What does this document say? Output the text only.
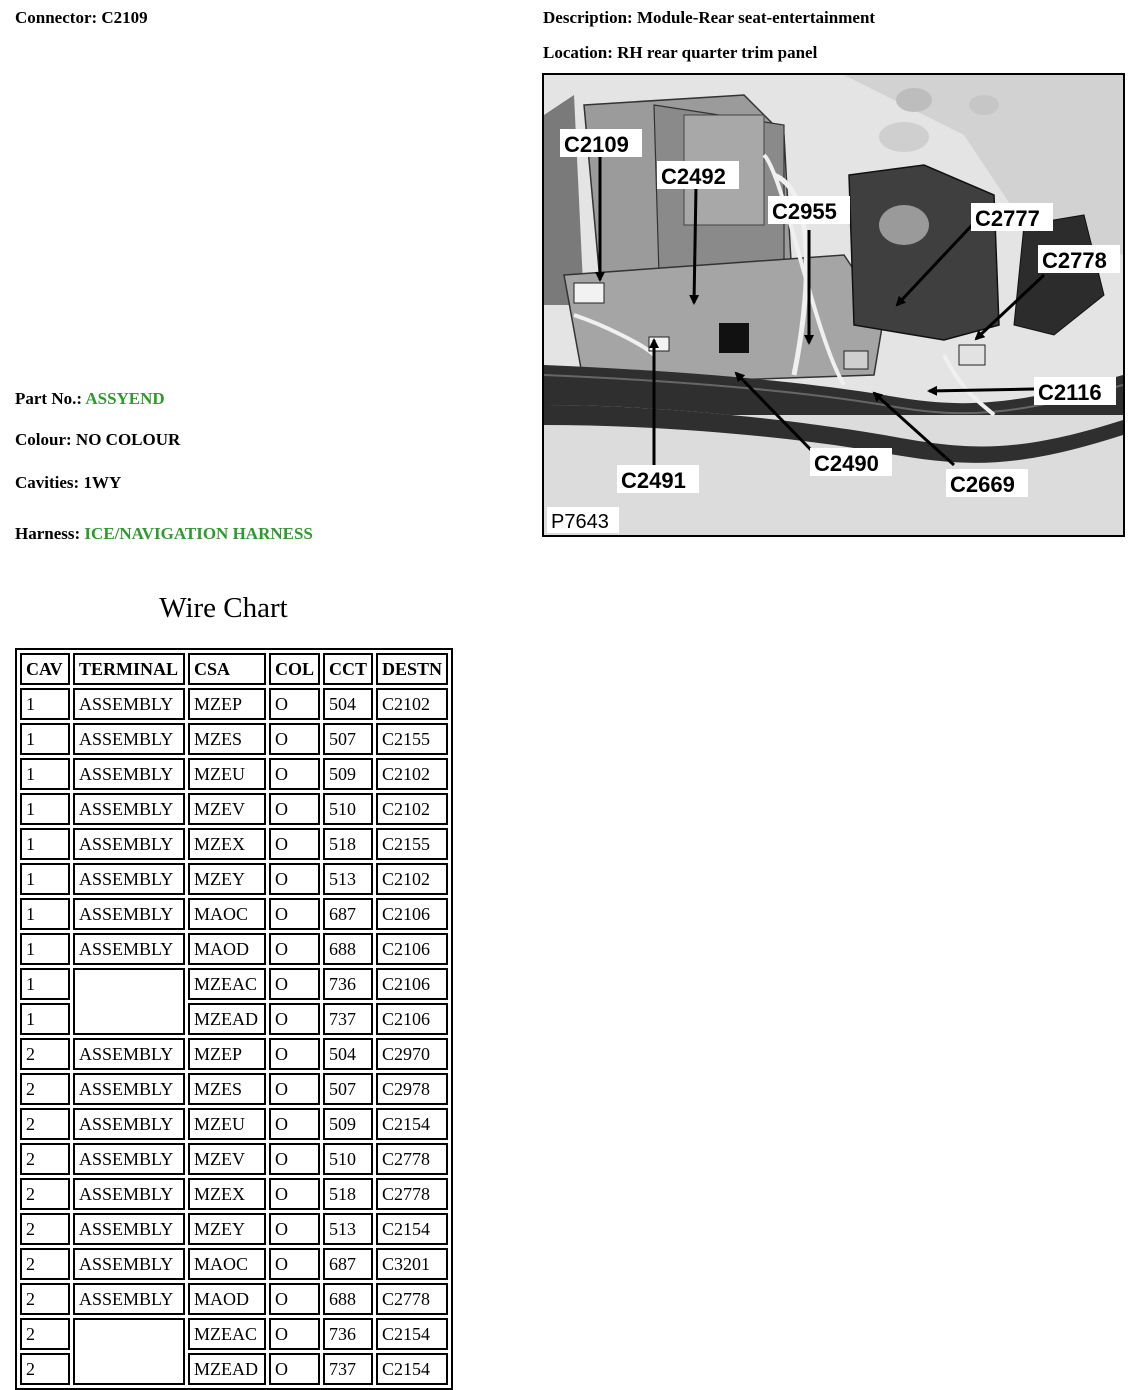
Connector: C2109	Description: Module-Rear seat-entertainment
Location: RH rear quarter trim panel
Part No.: ASSYEND
Colour: NO COLOUR
Cavities: 1WY
Harness: ICE/NAVIGATION HARNESS
C2109
C2492
C2955	C2777
C2778
C2116
C2669
C2490
C2491
P7643
Wire Chart
CAV	TERMINAL	CSA	COL	CCT	DESTN
1	ASSEMBLY	MZEP	O	504	C2102
1	ASSEMBLY	MZES	O	507	C2155
1	ASSEMBLY	MZEU	O	509	C2102
1	ASSEMBLY	MZEV	O	510	C2102
1	ASSEMBLY	MZEX	O	518	C2155
1	ASSEMBLY	MZEY	O	513	C2102
1	ASSEMBLY	MAOC	O	687	C2106
1	ASSEMBLY	MAOD	O	688	C2106
1		MZEAC	O	736	C2106
1		MZEAD	O	737	C2106
2	ASSEMBLY	MZEP	O	504	C2970
2	ASSEMBLY	MZES	O	507	C2978
2	ASSEMBLY	MZEU	O	509	C2154
2	ASSEMBLY	MZEV	O	510	C2778
2	ASSEMBLY	MZEX	O	518	C2778
2	ASSEMBLY	MZEY	O	513	C2154
2	ASSEMBLY	MAOC	O	687	C3201
2	ASSEMBLY	MAOD	O	688	C2778
2		MZEAC	O	736	C2154
2		MZEAD	O	737	C2154
